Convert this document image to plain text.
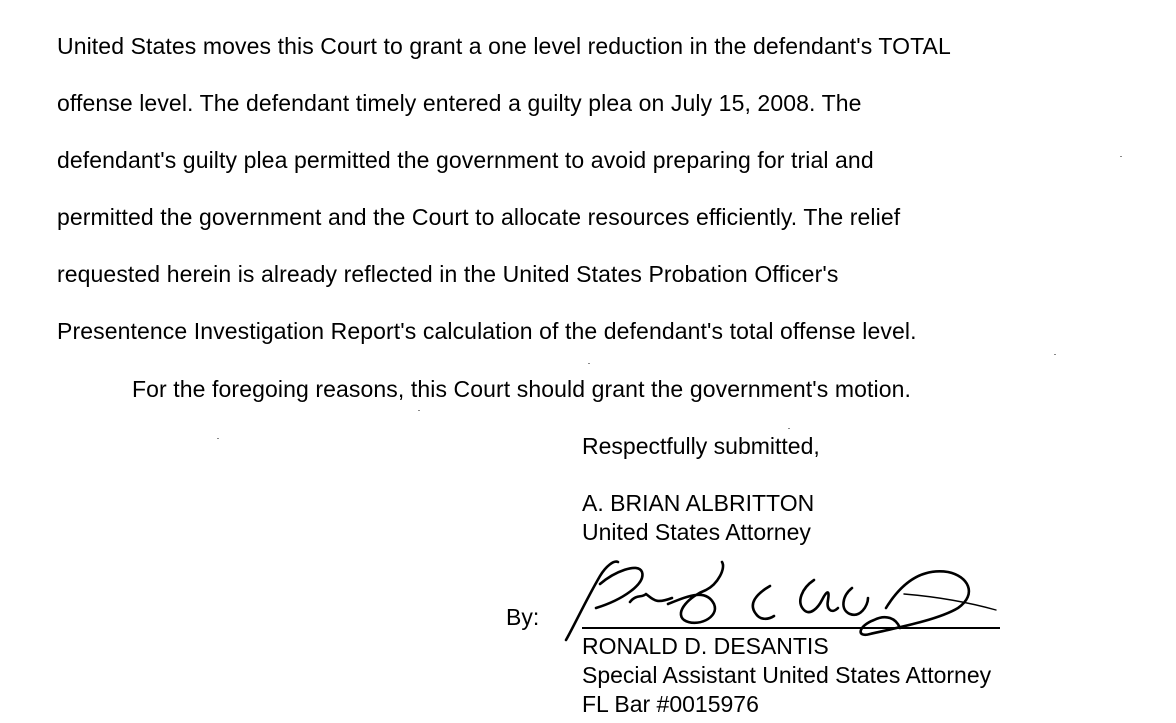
United States moves this Court to grant a one level reduction in the defendant's TOTAL
offense level. The defendant timely entered a guilty plea on July 15, 2008. The
defendant's guilty plea permitted the government to avoid preparing for trial and
permitted the government and the Court to allocate resources efficiently. The relief
requested herein is already reflected in the United States Probation Officer's
Presentence Investigation Report's calculation of the defendant's total offense level.
For the foregoing reasons, this Court should grant the government's motion.
Respectfully submitted,
A. BRIAN ALBRITTON
United States Attorney
By:
RONALD D. DESANTIS
Special Assistant United States Attorney
FL Bar #0015976
